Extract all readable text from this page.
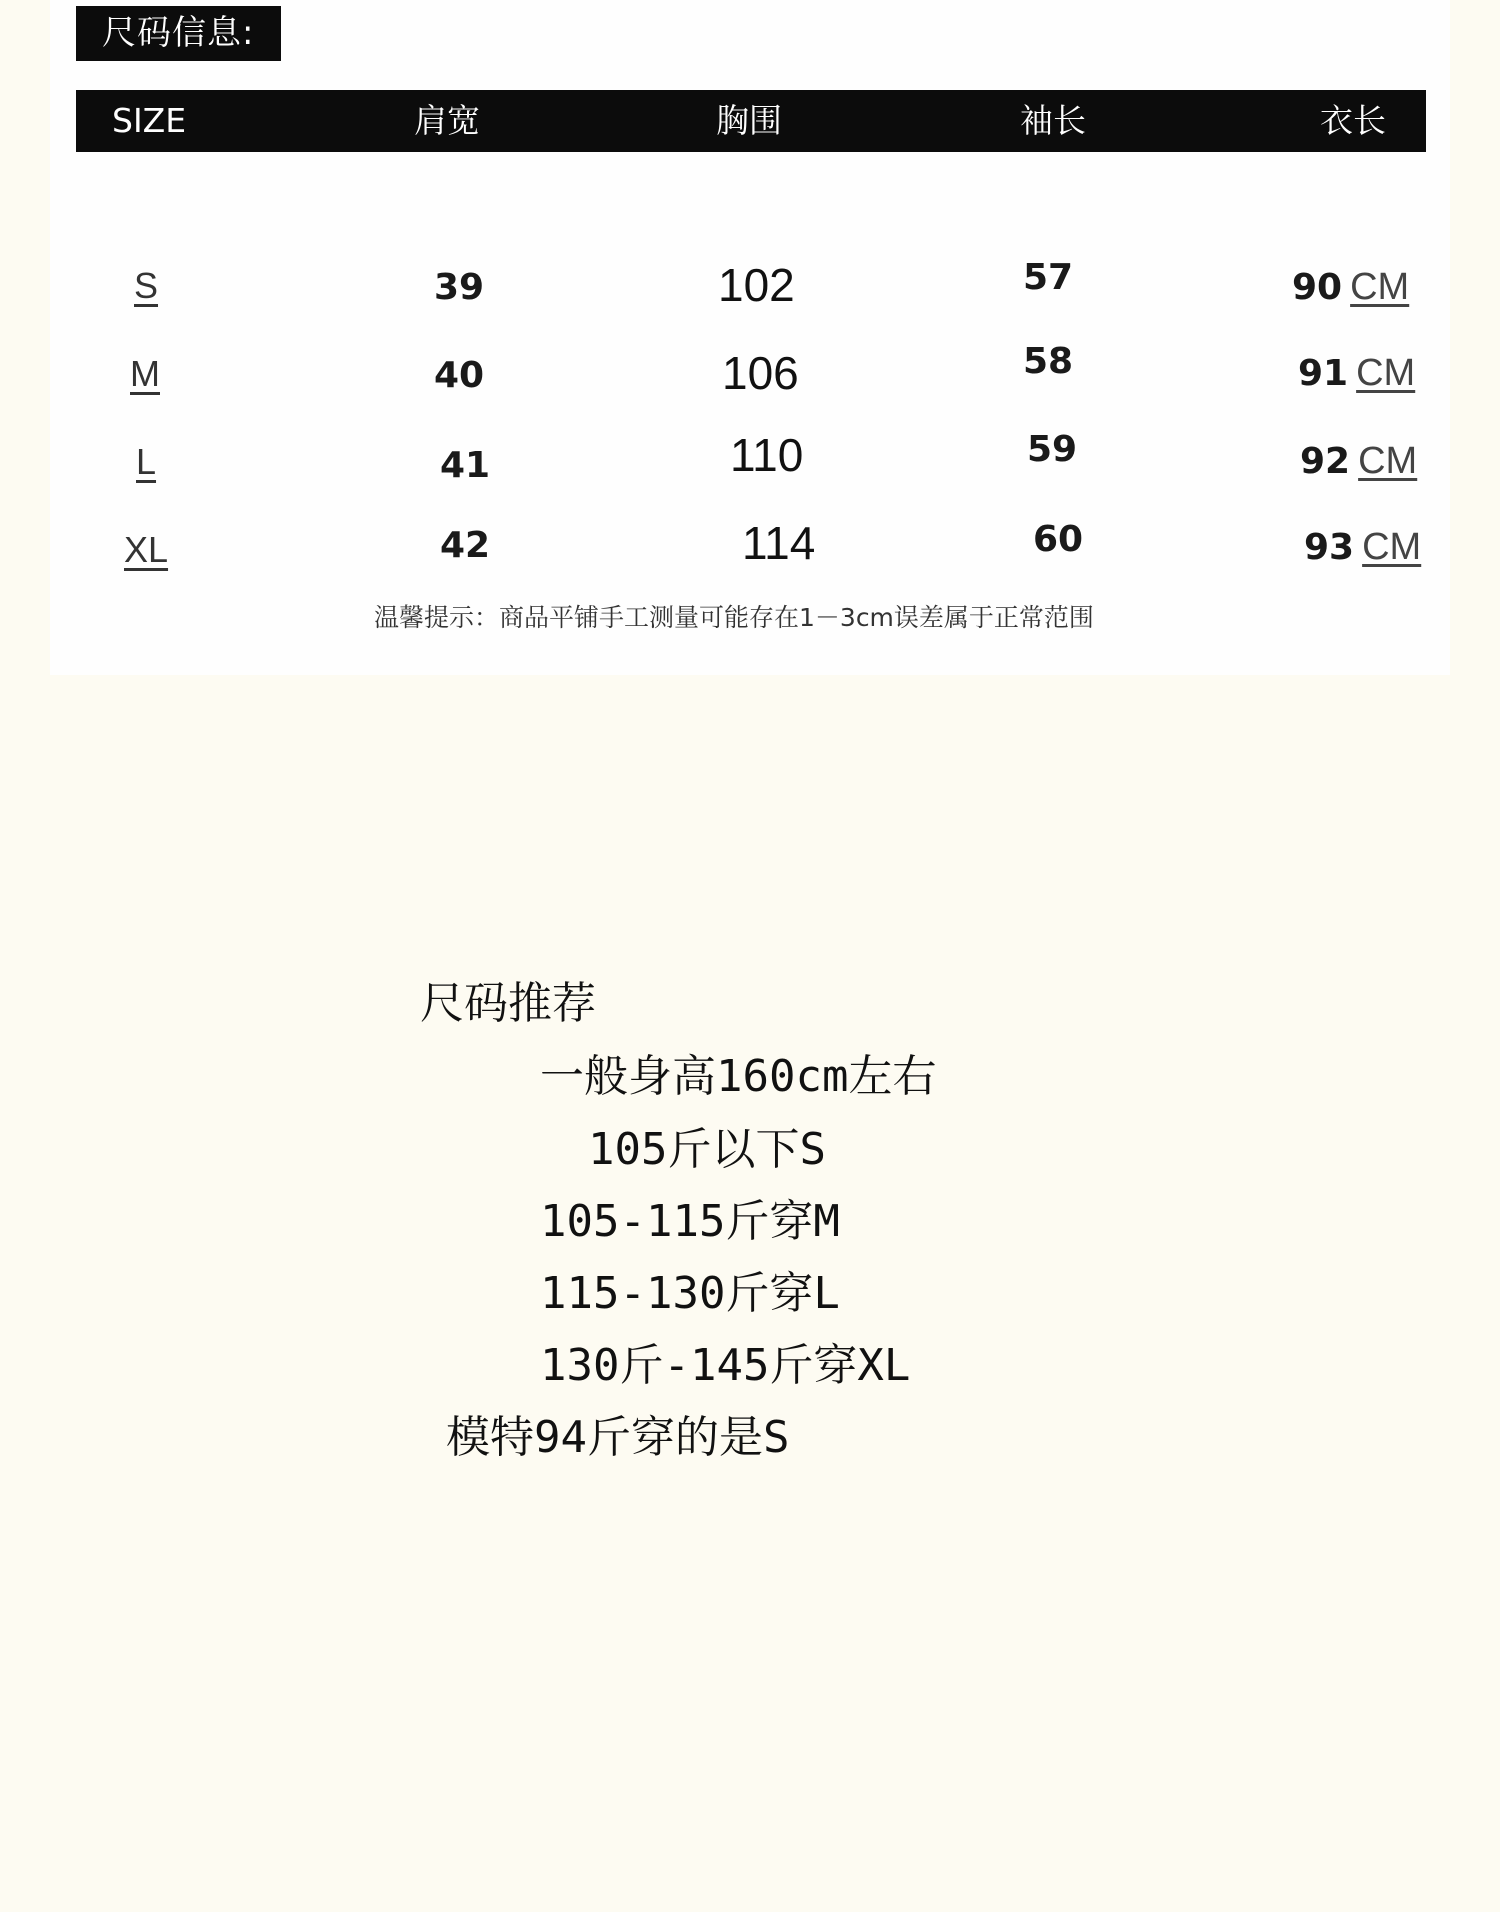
尺码信息:
SIZE	肩宽	胸围	袖长	衣长
S	39	102	57	90 CM
M	40	106	58	91 CM
L	41	110	59	92 CM
XL	42	114	60	93 CM
温馨提示：商品平铺手工测量可能存在1－3cm误差属于正常范围
尺码推荐
一般身高160cm左右
105斤以下S
105-115斤穿M
115-130斤穿L
130斤-145斤穿XL
模特94斤穿的是S
